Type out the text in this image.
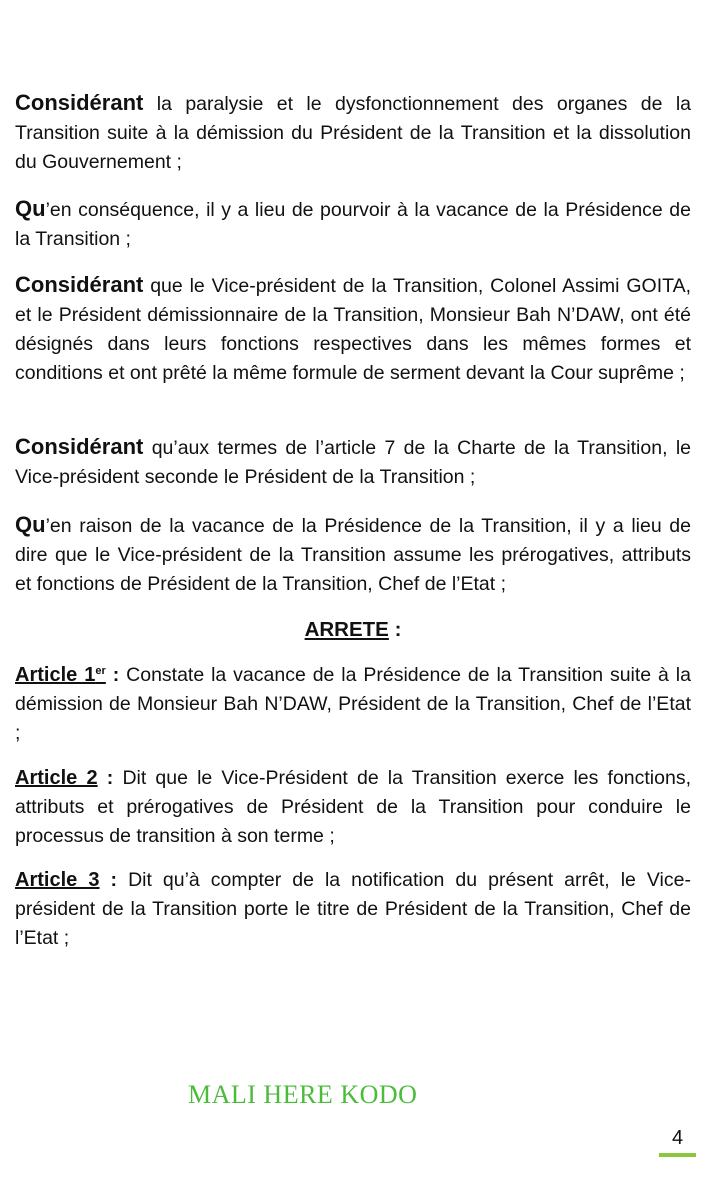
Considérant la paralysie et le dysfonctionnement des organes de la Transition suite à la démission du Président de la Transition et la dissolution du Gouvernement ;

Qu’en conséquence, il y a lieu de pourvoir à la vacance de la Présidence de la Transition ;

Considérant que le Vice-président de la Transition, Colonel Assimi GOITA, et le Président démissionnaire de la Transition, Monsieur Bah N’DAW, ont été désignés dans leurs fonctions respectives dans les mêmes formes et conditions et ont prêté la même formule de serment devant la Cour suprême ;

Considérant qu’aux termes de l’article 7 de la Charte de la Transition, le Vice-président seconde le Président de la Transition ;

Qu’en raison de la vacance de la Présidence de la Transition, il y a lieu de dire que le Vice-président de la Transition assume les prérogatives, attributs et fonctions de Président de la Transition, Chef de l’Etat ;

ARRETE :

Article 1er : Constate la vacance de la Présidence de la Transition suite à la démission de Monsieur Bah N’DAW, Président de la Transition, Chef de l’Etat ;

Article 2 : Dit que le Vice-Président de la Transition exerce les fonctions, attributs et prérogatives de Président de la Transition pour conduire le processus de transition à son terme ;

Article 3 : Dit qu’à compter de la notification du présent arrêt, le Vice-président de la Transition porte le titre de Président de la Transition, Chef de l’Etat ;

MALI HERE KODO
4
